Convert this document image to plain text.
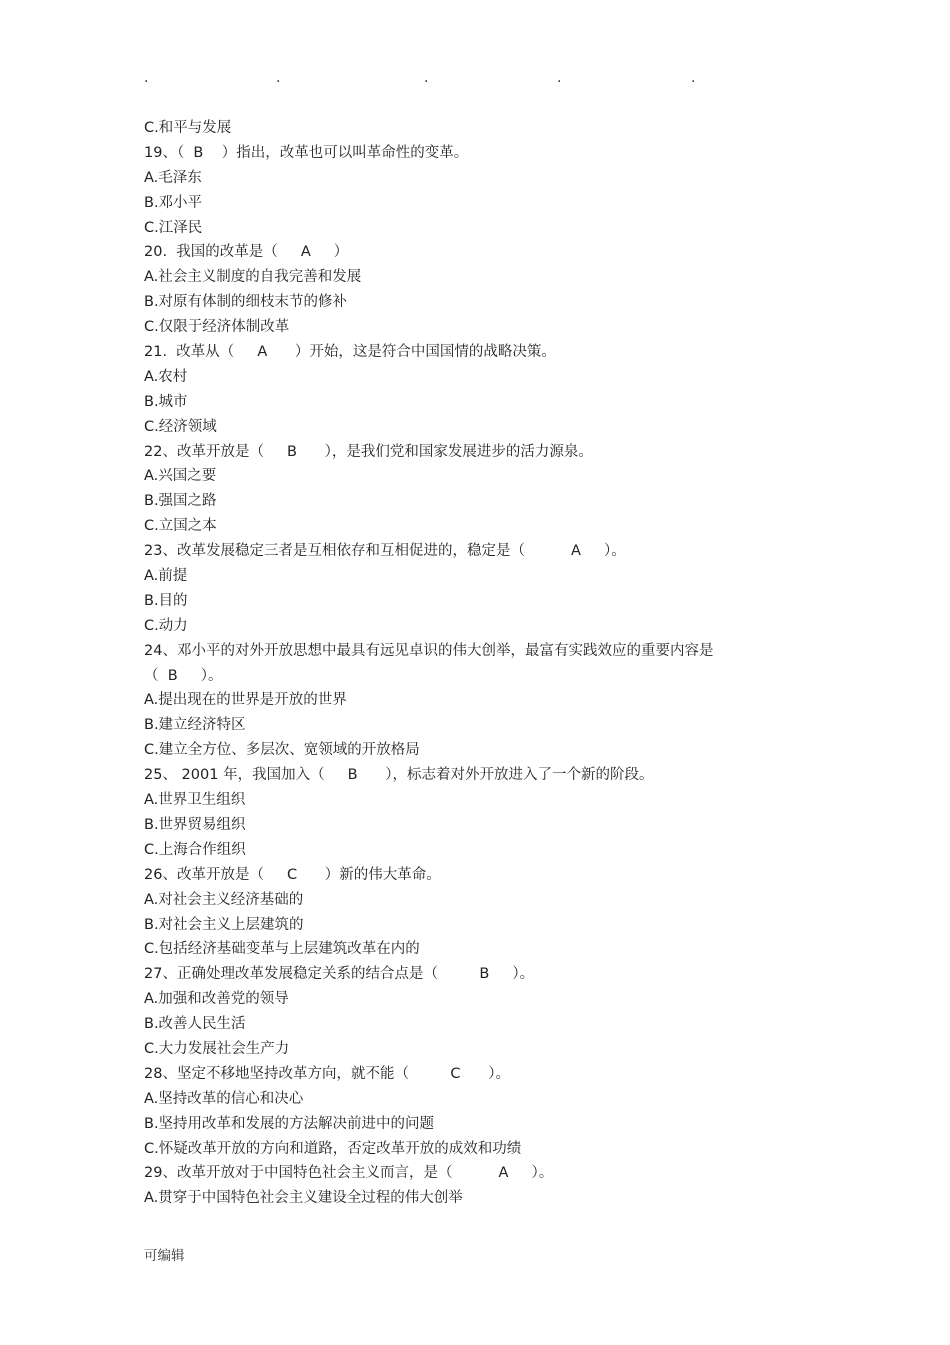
.	.	.	.	.
C.和平与发展
19、（  B    ）指出，改革也可以叫革命性的变革。
A.毛泽东
B.邓小平
C.江泽民
20.  我国的改革是（     A     ）
A.社会主义制度的自我完善和发展
B.对原有体制的细枝末节的修补
C.仅限于经济体制改革
21.  改革从（     A      ）开始，这是符合中国国情的战略决策。
A.农村
B.城市
C.经济领域
22、改革开放是（     B      ），是我们党和国家发展进步的活力源泉。
A.兴国之要
B.强国之路
C.立国之本
23、改革发展稳定三者是互相依存和互相促进的，稳定是（          A     ）。
A.前提
B.目的
C.动力
24、邓小平的对外开放思想中最具有远见卓识的伟大创举，最富有实践效应的重要内容是
（  B     ）。
A.提出现在的世界是开放的世界
B.建立经济特区
C.建立全方位、多层次、宽领域的开放格局
25、 2001 年，我国加入（     B      ），标志着对外开放进入了一个新的阶段。
A.世界卫生组织
B.世界贸易组织
C.上海合作组织
26、改革开放是（     C      ）新的伟大革命。
A.对社会主义经济基础的
B.对社会主义上层建筑的
C.包括经济基础变革与上层建筑改革在内的
27、正确处理改革发展稳定关系的结合点是（         B     ）。
A.加强和改善党的领导
B.改善人民生活
C.大力发展社会生产力
28、坚定不移地坚持改革方向，就不能（         C      ）。
A.坚持改革的信心和决心
B.坚持用改革和发展的方法解决前进中的问题
C.怀疑改革开放的方向和道路，否定改革开放的成效和功绩
29、改革开放对于中国特色社会主义而言，是（          A     ）。
A.贯穿于中国特色社会主义建设全过程的伟大创举
可编辑
